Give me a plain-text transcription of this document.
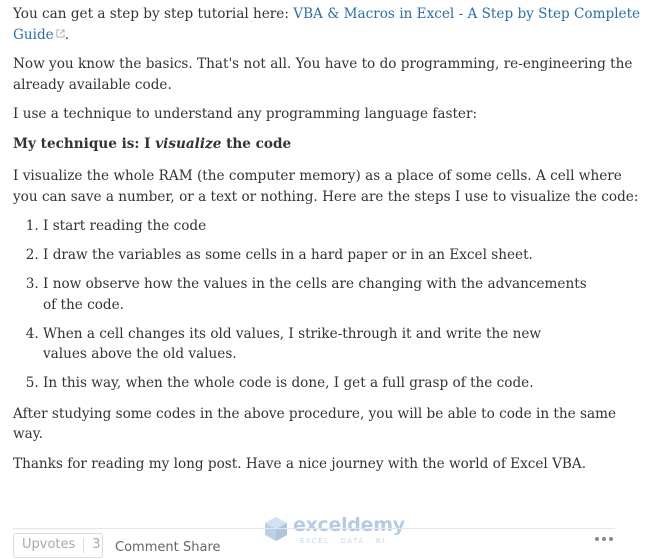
You can get a step by step tutorial here: VBA & Macros in Excel - A Step by Step Complete Guide .

Now you know the basics. That's not all. You have to do programming, re-engineering the already available code.

I use a technique to understand any programming language faster:

My technique is: I visualize the code

I visualize the whole RAM (the computer memory) as a place of some cells. A cell where you can save a number, or a text or nothing. Here are the steps I use to visualize the code:

1. I start reading the code
2. I draw the variables as some cells in a hard paper or in an Excel sheet.
3. I now observe how the values in the cells are changing with the advancements of the code.
4. When a cell changes its old values, I strike-through it and write the new values above the old values.
5. In this way, when the whole code is done, I get a full grasp of the code.

After studying some codes in the above procedure, you will be able to code in the same way.

Thanks for reading my long post. Have a nice journey with the world of Excel VBA.

exceldemy
EXCEL · DATA · BI
Upvotes	3 Comment Share
